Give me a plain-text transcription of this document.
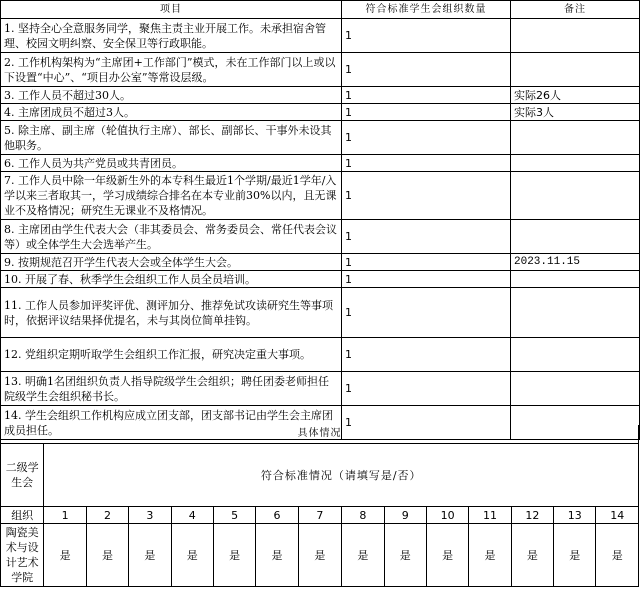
项目	符合标准学生会组织数量	备注
1. 坚持全心全意服务同学，聚焦主责主业开展工作。未承担宿舍管理、校园文明纠察、安全保卫等行政职能。	1	
2. 工作机构架构为“主席团+工作部门”模式，未在工作部门以上或以下设置“中心”、“项目办公室”等常设层级。	1	
3. 工作人员不超过30人。	1	实际26人
4. 主席团成员不超过3人。	1	实际3人
5. 除主席、副主席（轮值执行主席）、部长、副部长、干事外未设其他职务。	1	
6. 工作人员为共产党员或共青团员。	1	
7. 工作人员中除一年级新生外的本专科生最近1个学期/最近1学年/入学以来三者取其一，学习成绩综合排名在本专业前30%以内，且无课业不及格情况；研究生无课业不及格情况。	1	
8. 主席团由学生代表大会（非其委员会、常务委员会、常任代表会议等）或全体学生大会选举产生。	1	
9. 按期规范召开学生代表大会或全体学生大会。	1	2023.11.15
10. 开展了春、秋季学生会组织工作人员全员培训。	1	
11. 工作人员参加评奖评优、测评加分、推荐免试攻读研究生等事项时，依据评议结果择优提名，未与其岗位简单挂钩。	1	
12. 党组织定期听取学生会组织工作汇报，研究决定重大事项。	1	
13. 明确1名团组织负责人指导院级学生会组织；聘任团委老师担任院级学生会组织秘书长。	1	
14. 学生会组织工作机构应成立团支部，团支部书记由学生会主席团成员担任。	1	
具体情况
二级学生会	符合标准情况（请填写是/否）													
组织	1	2	3	4	5	6	7	8	9	10	11	12	13	14
陶瓷美术与设计艺术学院	是	是	是	是	是	是	是	是	是	是	是	是	是	是
